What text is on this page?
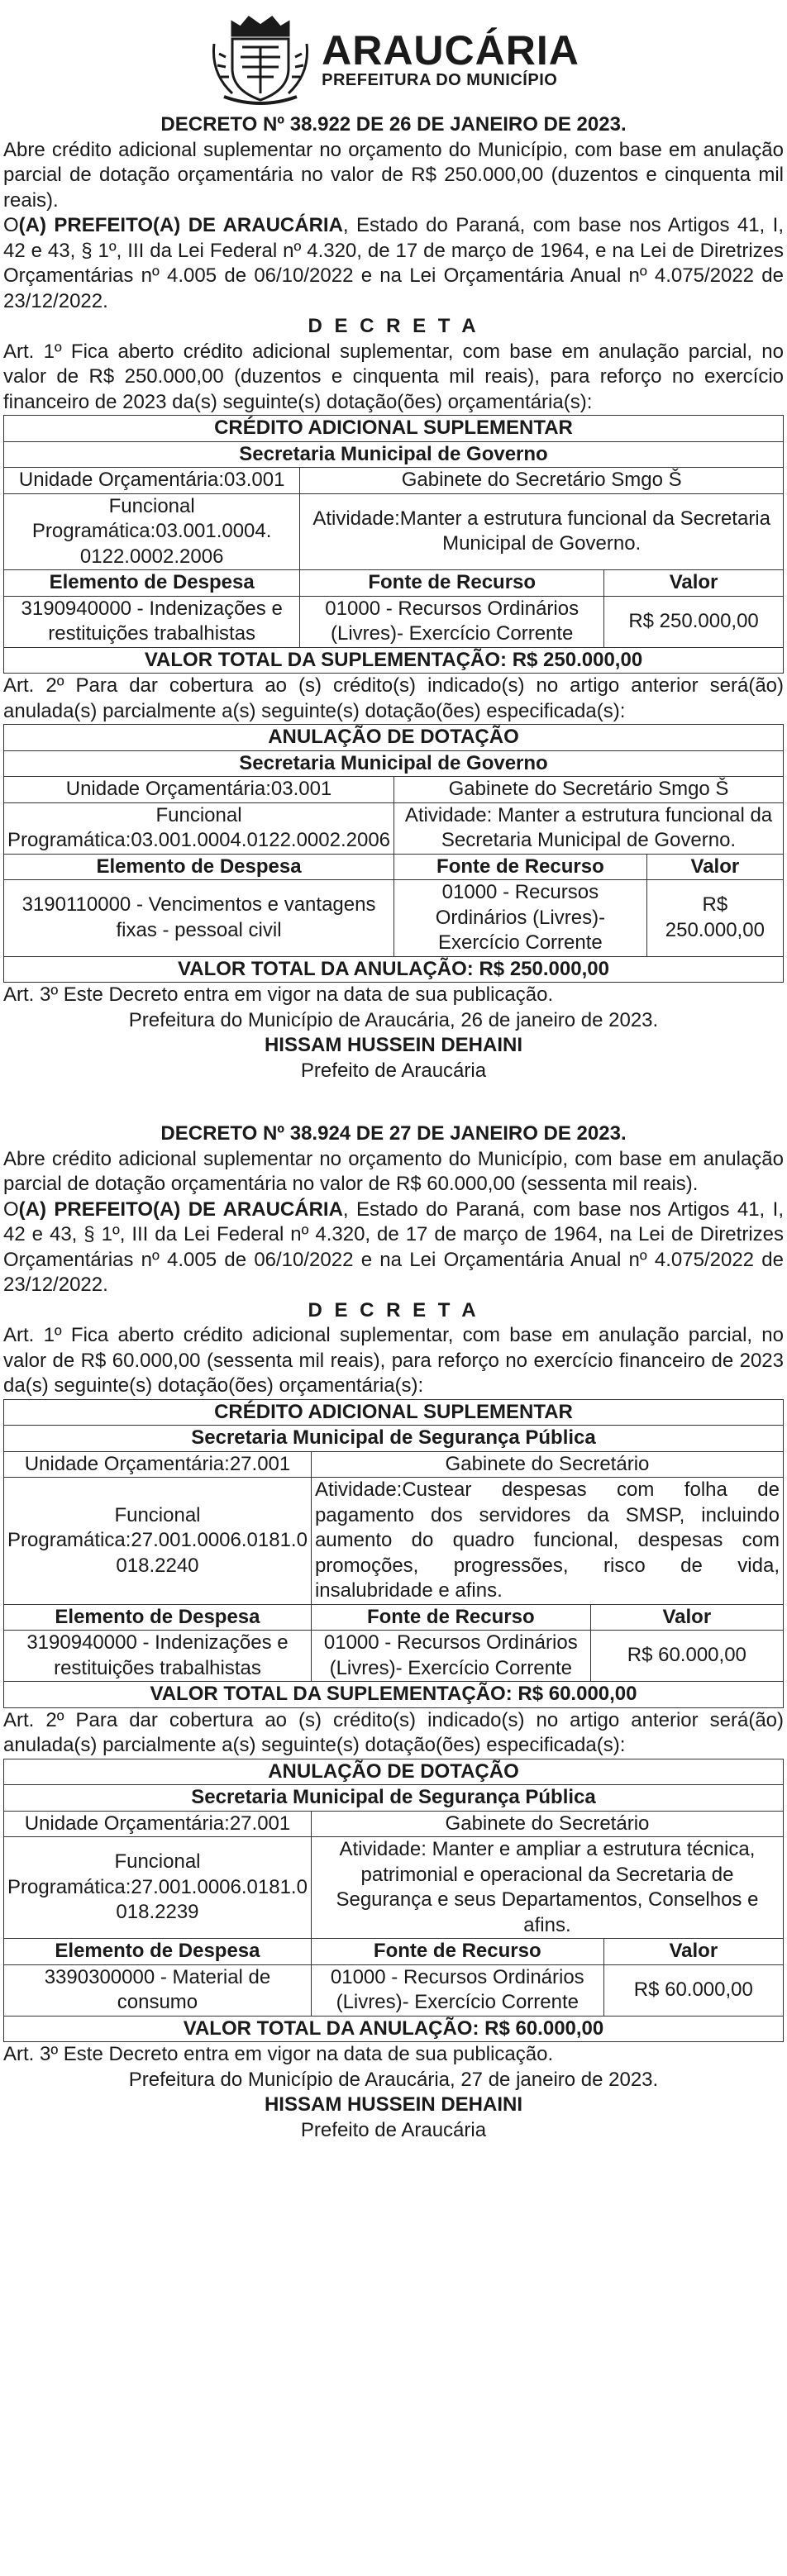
ARAUCÁRIA
PREFEITURA DO MUNICÍPIO
DECRETO Nº 38.922 DE 26 DE JANEIRO DE 2023.
Abre crédito adicional suplementar no orçamento do Município, com base em anulação parcial de dotação orçamentária no valor de R$ 250.000,00 (duzentos e cinquenta mil reais).
O(A) PREFEITO(A) DE ARAUCÁRIA, Estado do Paraná, com base nos Artigos 41, I, 42 e 43, § 1º, III da Lei Federal nº 4.320, de 17 de março de 1964, e na Lei de Diretrizes Orçamentárias nº 4.005 de 06/10/2022 e na Lei Orçamentária Anual nº 4.075/2022 de 23/12/2022.
D E C R E T A
Art. 1º Fica aberto crédito adicional suplementar, com base em anulação parcial, no valor de R$ 250.000,00 (duzentos e cinquenta mil reais), para reforço no exercício financeiro de 2023 da(s) seguinte(s) dotação(ões) orçamentária(s):
CRÉDITO ADICIONAL SUPLEMENTAR		
Secretaria Municipal de Governo		
Unidade Orçamentária:03.001	Gabinete do Secretário Smgo Š	
Funcional Programática:03.001.0004. 0122.0002.2006	Atividade:Manter a estrutura funcional da Secretaria Municipal de Governo.	
Elemento de Despesa	Fonte de Recurso	Valor
3190940000 - Indenizações e restituições trabalhistas	01000 - Recursos Ordinários (Livres)- Exercício Corrente	R$ 250.000,00
VALOR TOTAL DA SUPLEMENTAÇÃO: R$ 250.000,00		
Art. 2º Para dar cobertura ao (s) crédito(s) indicado(s) no artigo anterior será(ão) anulada(s) parcialmente a(s) seguinte(s) dotação(ões) especificada(s):
ANULAÇÃO DE DOTAÇÃO		
Secretaria Municipal de Governo		
Unidade Orçamentária:03.001	Gabinete do Secretário Smgo Š	
Funcional Programática:03.001.0004.0122.0002.2006	Atividade: Manter a estrutura funcional da Secretaria Municipal de Governo.	
Elemento de Despesa	Fonte de Recurso	Valor
3190110000 - Vencimentos e vantagens fixas - pessoal civil	01000 - Recursos Ordinários (Livres)- Exercício Corrente	R$ 250.000,00
VALOR TOTAL DA ANULAÇÃO: R$ 250.000,00		
Art. 3º Este Decreto entra em vigor na data de sua publicação.
Prefeitura do Município de Araucária, 26 de janeiro de 2023.
HISSAM HUSSEIN DEHAINI
Prefeito de Araucária
DECRETO Nº 38.924 DE 27 DE JANEIRO DE 2023.
Abre crédito adicional suplementar no orçamento do Município, com base em anulação parcial de dotação orçamentária no valor de R$ 60.000,00 (sessenta mil reais).
O(A) PREFEITO(A) DE ARAUCÁRIA, Estado do Paraná, com base nos Artigos 41, I, 42 e 43, § 1º, III da Lei Federal nº 4.320, de 17 de março de 1964, na Lei de Diretrizes Orçamentárias nº 4.005 de 06/10/2022 e na Lei Orçamentária Anual nº 4.075/2022 de 23/12/2022.
D E C R E T A
Art. 1º Fica aberto crédito adicional suplementar, com base em anulação parcial, no valor de R$ 60.000,00 (sessenta mil reais), para reforço no exercício financeiro de 2023 da(s) seguinte(s) dotação(ões) orçamentária(s):
CRÉDITO ADICIONAL SUPLEMENTAR		
Secretaria Municipal de Segurança Pública		
Unidade Orçamentária:27.001	Gabinete do Secretário	
Funcional Programática:27.001.0006.0181.0 018.2240	Atividade:Custear despesas com folha de pagamento dos servidores da SMSP, incluindo aumento do quadro funcional, despesas com promoções, progressões, risco de vida, insalubridade e afins.	
Elemento de Despesa	Fonte de Recurso	Valor
3190940000 - Indenizações e restituições trabalhistas	01000 - Recursos Ordinários (Livres)- Exercício Corrente	R$ 60.000,00
VALOR TOTAL DA SUPLEMENTAÇÃO: R$ 60.000,00		
Art. 2º Para dar cobertura ao (s) crédito(s) indicado(s) no artigo anterior será(ão) anulada(s) parcialmente a(s) seguinte(s) dotação(ões) especificada(s):
ANULAÇÃO DE DOTAÇÃO		
Secretaria Municipal de Segurança Pública		
Unidade Orçamentária:27.001	Gabinete do Secretário	
Funcional Programática:27.001.0006.0181.0 018.2239	Atividade: Manter e ampliar a estrutura técnica, patrimonial e operacional da Secretaria de Segurança e seus Departamentos, Conselhos e afins.	
Elemento de Despesa	Fonte de Recurso	Valor
3390300000 - Material de consumo	01000 - Recursos Ordinários (Livres)- Exercício Corrente	R$ 60.000,00
VALOR TOTAL DA ANULAÇÃO: R$ 60.000,00		
Art. 3º Este Decreto entra em vigor na data de sua publicação.
Prefeitura do Município de Araucária, 27 de janeiro de 2023.
HISSAM HUSSEIN DEHAINI
Prefeito de Araucária
